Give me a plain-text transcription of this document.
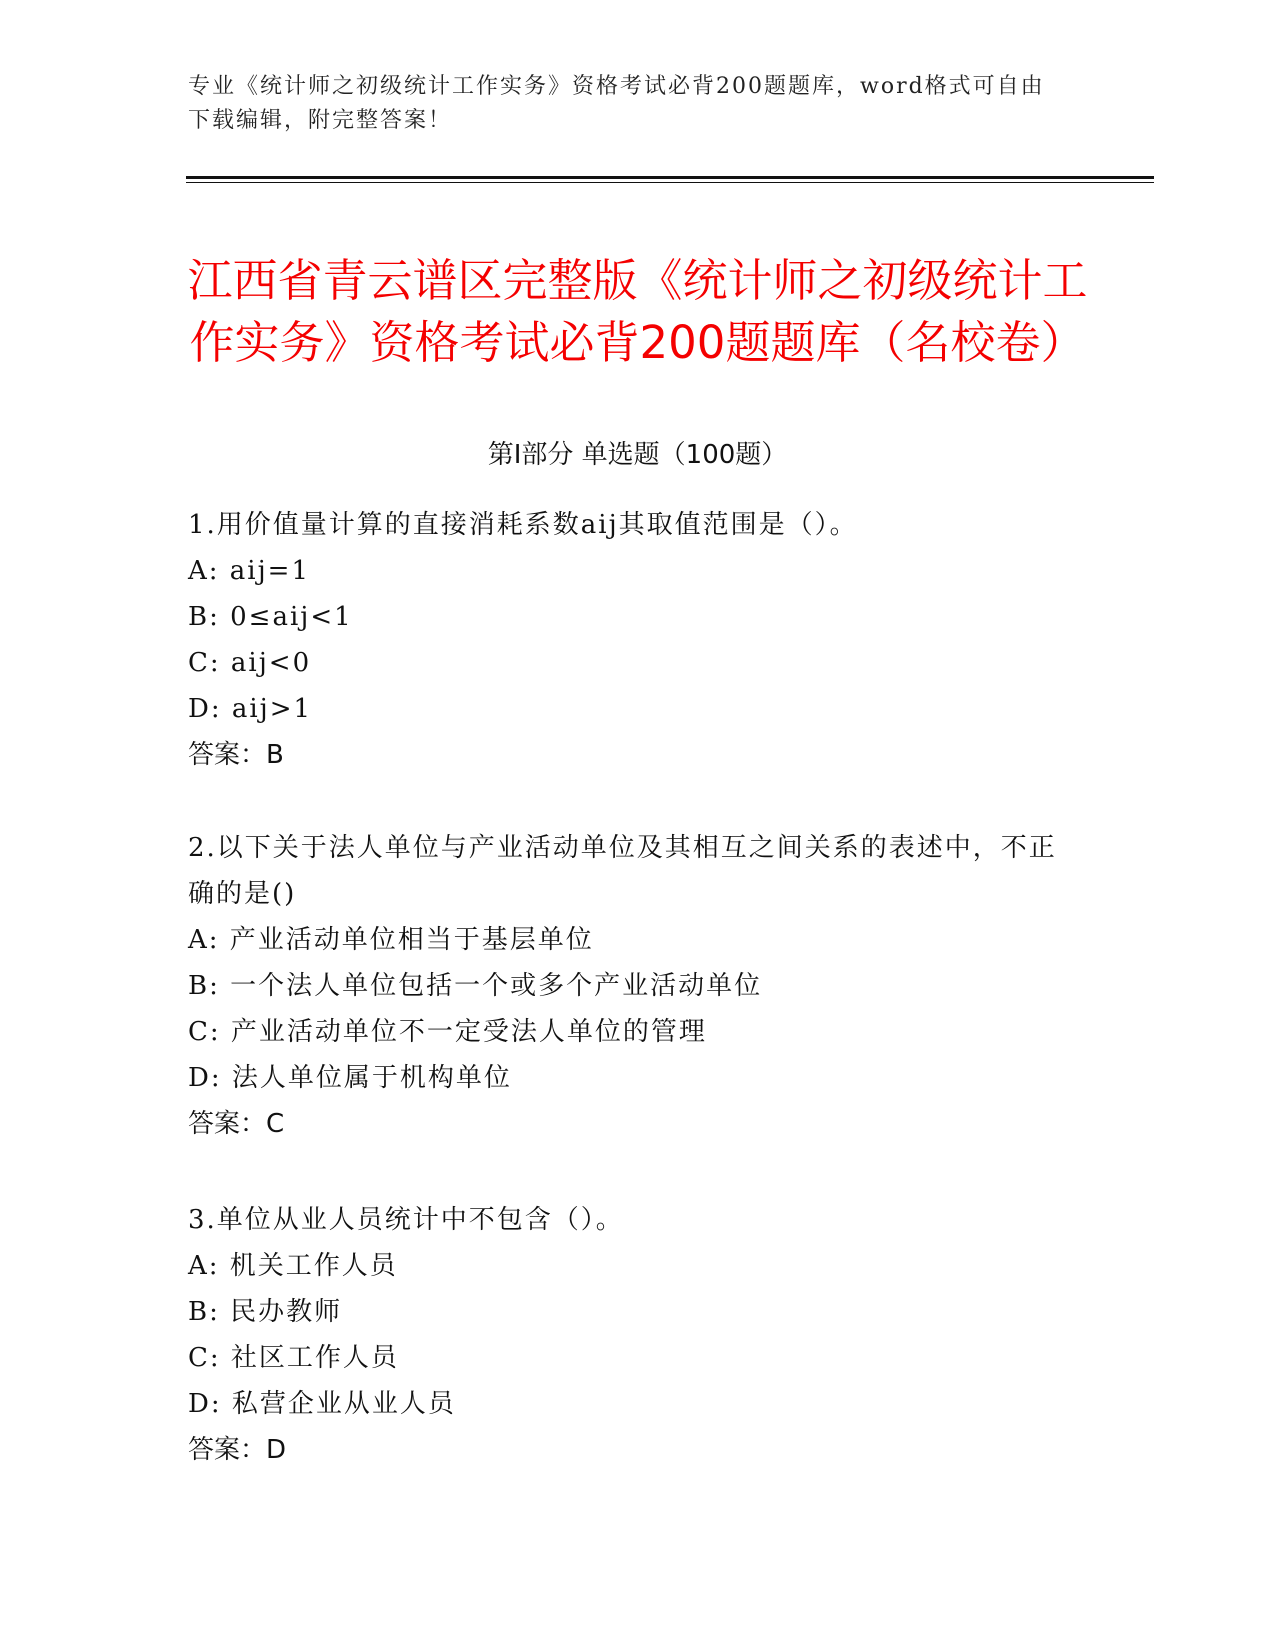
专业《统计师之初级统计工作实务》资格考试必背200题题库，word格式可自由下载编辑，附完整答案！
江西省青云谱区完整版《统计师之初级统计工作实务》资格考试必背200题题库（名校卷）
第I部分 单选题（100题）

1.用价值量计算的直接消耗系数aij其取值范围是（）。

A: aij=1

B: 0≤aij<1

C: aij<0

D: aij>1

答案：B

2.以下关于法人单位与产业活动单位及其相互之间关系的表述中，不正确的是()

A: 产业活动单位相当于基层单位

B: 一个法人单位包括一个或多个产业活动单位

C: 产业活动单位不一定受法人单位的管理

D: 法人单位属于机构单位

答案：C

3.单位从业人员统计中不包含（）。

A: 机关工作人员

B: 民办教师

C: 社区工作人员

D: 私营企业从业人员

答案：D
